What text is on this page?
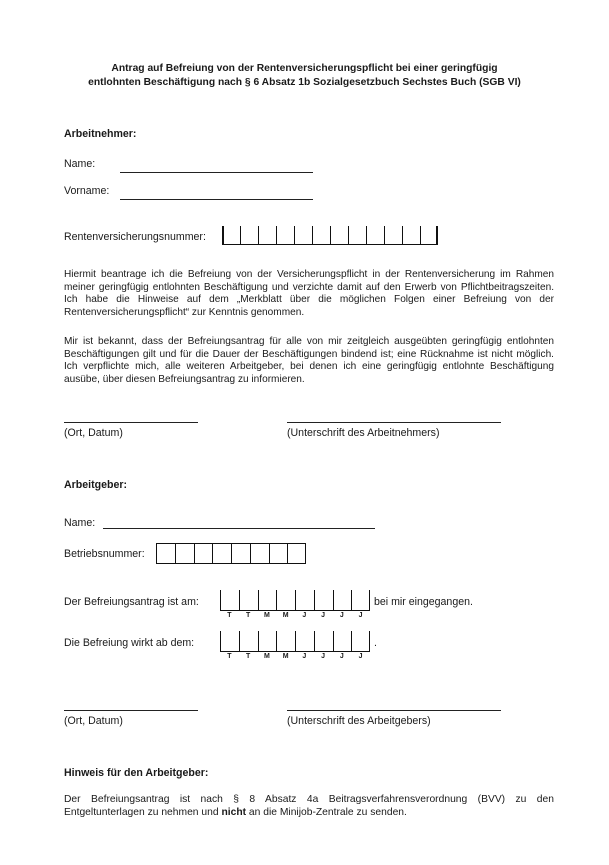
Antrag auf Befreiung von der Rentenversicherungspflicht bei einer geringfügig
entlohnten Beschäftigung nach § 6 Absatz 1b Sozialgesetzbuch Sechstes Buch (SGB VI)
Arbeitnehmer:
Name:
Vorname:
Rentenversicherungsnummer:
Hiermit beantrage ich die Befreiung von der Versicherungspflicht in der Rentenversicherung im Rahmen meiner geringfügig entlohnten Beschäftigung und verzichte damit auf den Erwerb von Pflichtbeitragszeiten. Ich habe die Hinweise auf dem „Merkblatt über die möglichen Folgen einer Befreiung von der Rentenversicherungspflicht“ zur Kenntnis genommen.
Mir ist bekannt, dass der Befreiungsantrag für alle von mir zeitgleich ausgeübten geringfügig entlohnten Beschäftigungen gilt und für die Dauer der Beschäftigungen bindend ist; eine Rücknahme ist nicht möglich. Ich verpflichte mich, alle weiteren Arbeitgeber, bei denen ich eine geringfügig entlohnte Beschäftigung ausübe, über diesen Befreiungsantrag zu informieren.
(Ort, Datum)	(Unterschrift des Arbeitnehmers)
Arbeitgeber:
Name:
Betriebsnummer:
Der Befreiungsantrag ist am:	bei mir eingegangen.
T	T	M	M	J	J	J	J
Die Befreiung wirkt ab dem:	.
T	T	M	M	J	J	J	J
(Ort, Datum)	(Unterschrift des Arbeitgebers)
Hinweis für den Arbeitgeber:
Der Befreiungsantrag ist nach § 8 Absatz 4a Beitragsverfahrensverordnung (BVV) zu den Entgeltunterlagen zu nehmen und nicht an die Minijob-Zentrale zu senden.
